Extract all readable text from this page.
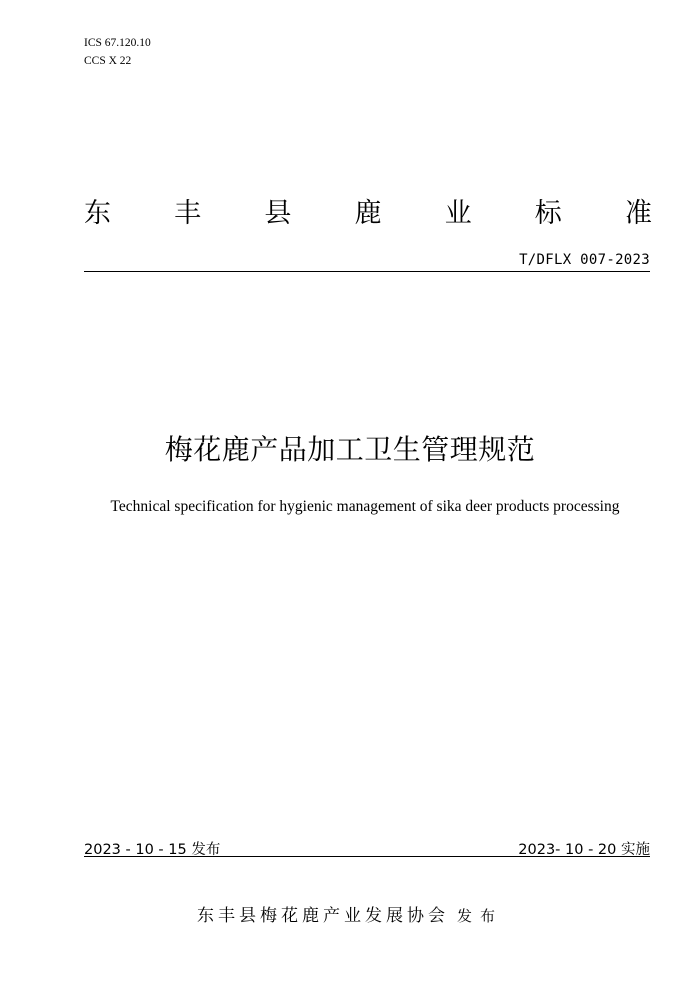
ICS 67.120.10
CCS X 22
东 丰 县 鹿 业 标 准
T/DFLX 007-2023
梅花鹿产品加工卫生管理规范
Technical specification for hygienic management of sika deer products processing
2023 - 10 - 15 发布	2023- 10 - 20 实施
东丰县梅花鹿产业发展协会 发布
